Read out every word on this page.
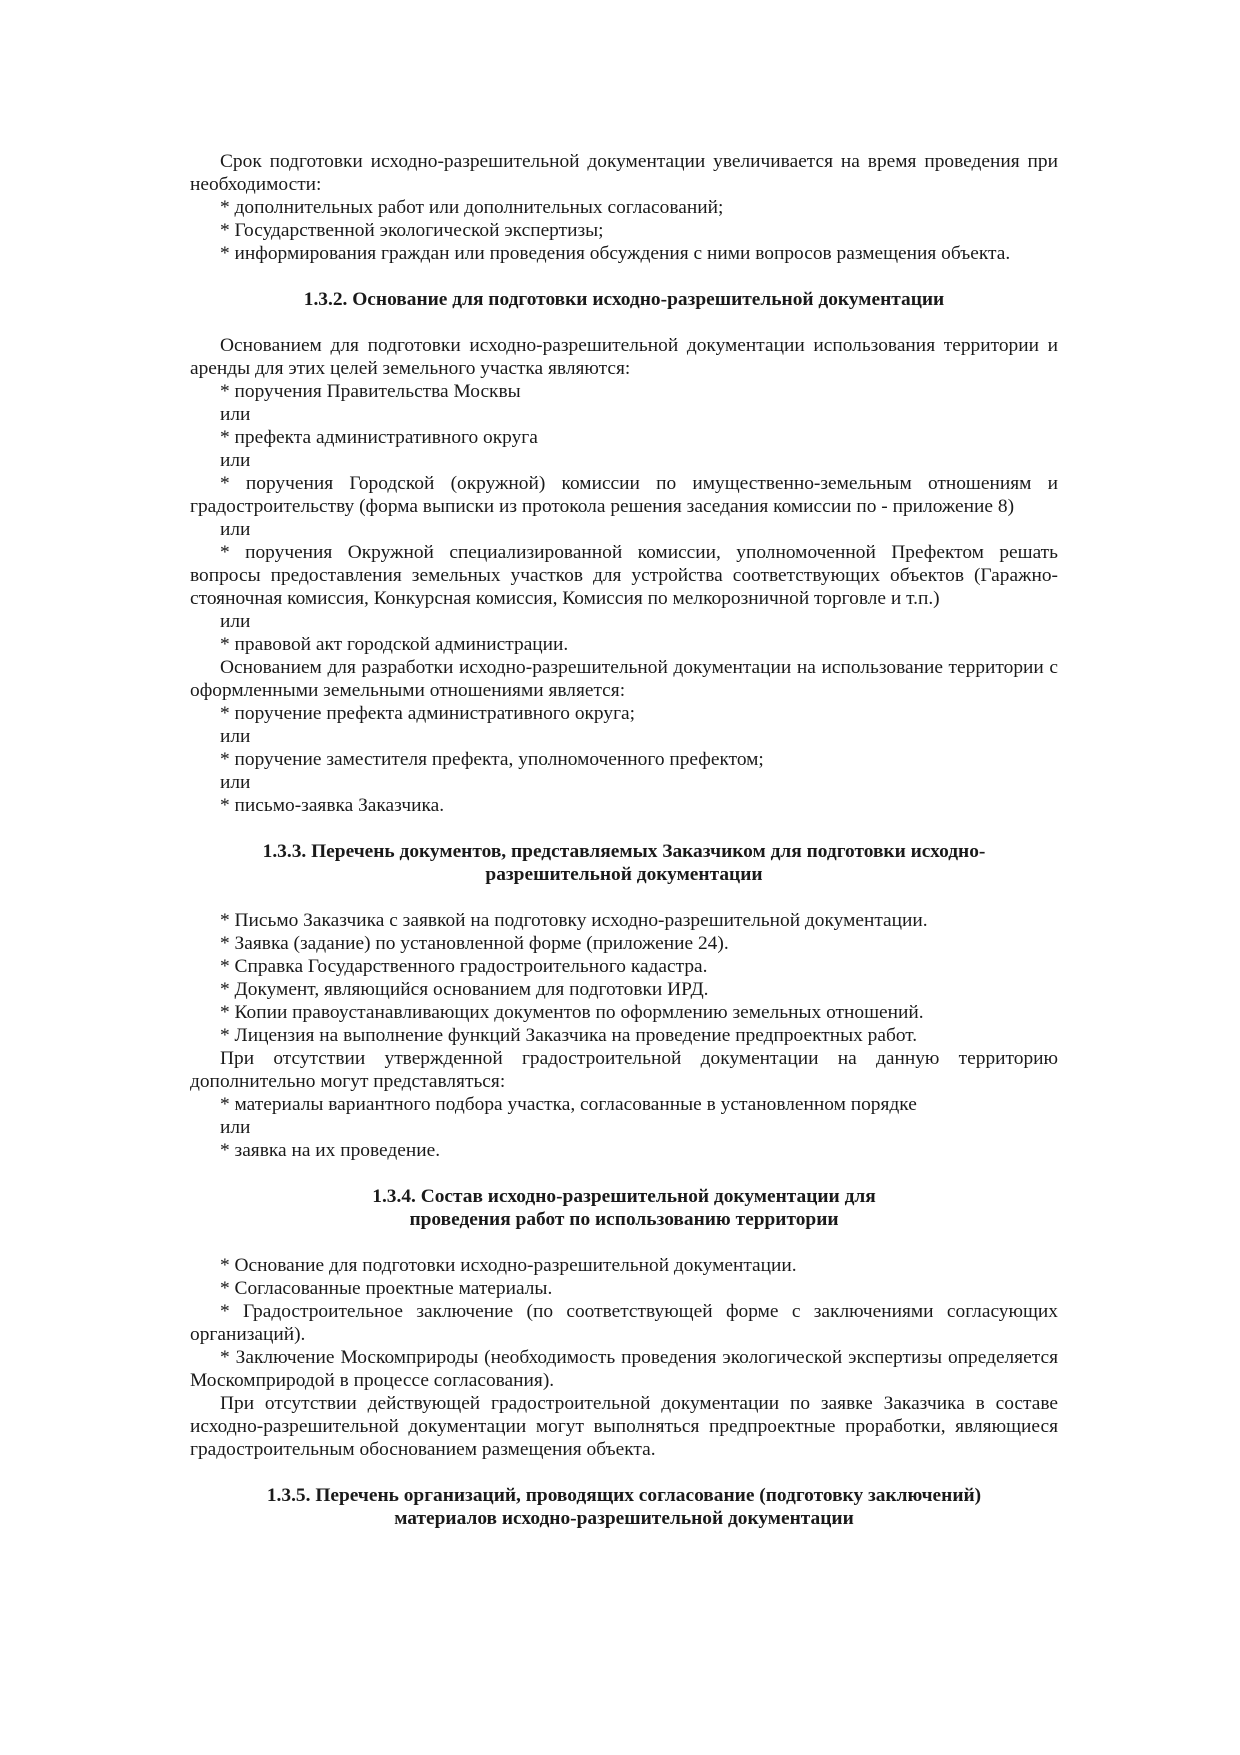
Срок подготовки исходно-разрешительной документации увеличивается на время проведения при необходимости:

* дополнительных работ или дополнительных согласований;

* Государственной экологической экспертизы;

* информирования граждан или проведения обсуждения с ними вопросов размещения объекта.

1.3.2. Основание для подготовки исходно-разрешительной документации

Основанием для подготовки исходно-разрешительной документации использования территории и аренды для этих целей земельного участка являются:

* поручения Правительства Москвы

или

* префекта административного округа

или

* поручения Городской (окружной) комиссии по имущественно-земельным отношениям и градостроительству (форма выписки из протокола решения заседания комиссии по - приложение 8)

или

* поручения Окружной специализированной комиссии, уполномоченной Префектом решать вопросы предоставления земельных участков для устройства соответствующих объектов (Гаражно-стояночная комиссия, Конкурсная комиссия, Комиссия по мелкорозничной торговле и т.п.)

или

* правовой акт городской администрации.

Основанием для разработки исходно-разрешительной документации на использование территории с оформленными земельными отношениями является:

* поручение префекта административного округа;

или

* поручение заместителя префекта, уполномоченного префектом;

или

* письмо-заявка Заказчика.

1.3.3. Перечень документов, представляемых Заказчиком для подготовки исходно-
разрешительной документации

* Письмо Заказчика с заявкой на подготовку исходно-разрешительной документации.

* Заявка (задание) по установленной форме (приложение 24).

* Справка Государственного градостроительного кадастра.

* Документ, являющийся основанием для подготовки ИРД.

* Копии правоустанавливающих документов по оформлению земельных отношений.

* Лицензия на выполнение функций Заказчика на проведение предпроектных работ.

При отсутствии утвержденной градостроительной документации на данную территорию дополнительно могут представляться:

* материалы вариантного подбора участка, согласованные в установленном порядке

или

* заявка на их проведение.

1.3.4. Состав исходно-разрешительной документации для
проведения работ по использованию территории

* Основание для подготовки исходно-разрешительной документации.

* Согласованные проектные материалы.

* Градостроительное заключение (по соответствующей форме с заключениями согласующих организаций).

* Заключение Москомприроды (необходимость проведения экологической экспертизы определяется Москомприродой в процессе согласования).

При отсутствии действующей градостроительной документации по заявке Заказчика в составе исходно-разрешительной документации могут выполняться предпроектные проработки, являющиеся градостроительным обоснованием размещения объекта.

1.3.5. Перечень организаций, проводящих согласование (подготовку заключений)
материалов исходно-разрешительной документации
